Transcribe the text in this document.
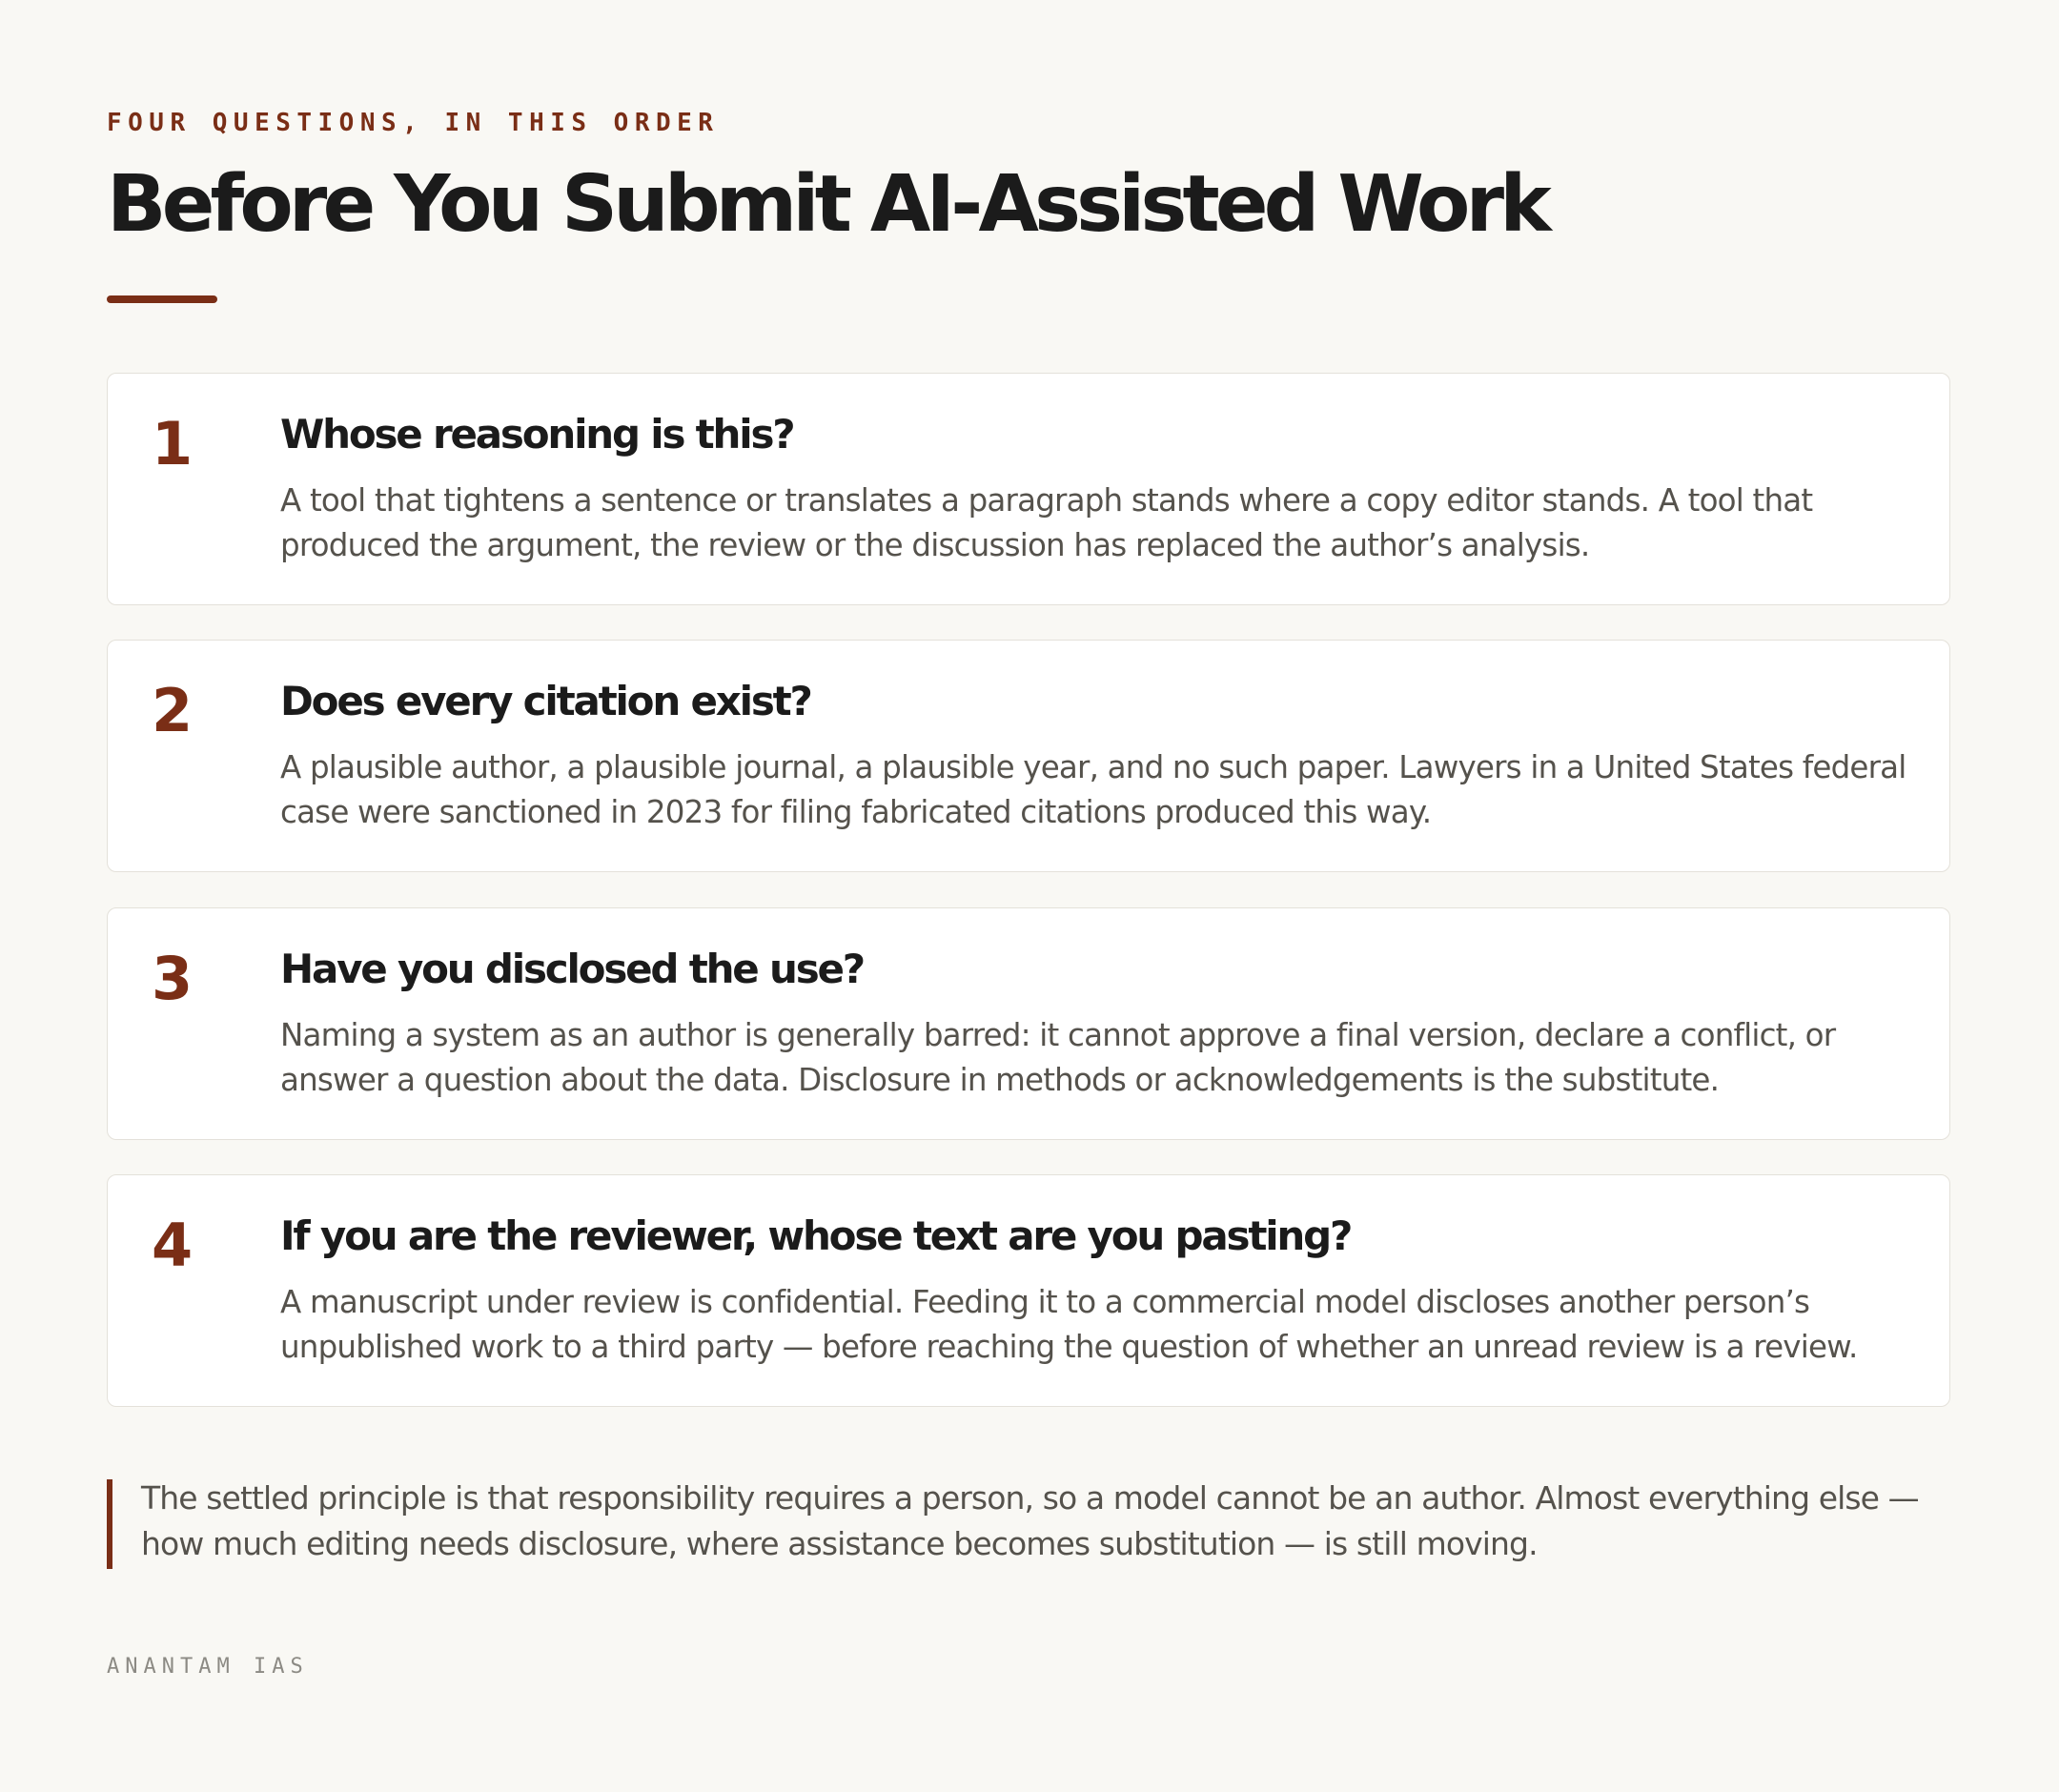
FOUR QUESTIONS, IN THIS ORDER
Before You Submit AI-Assisted Work
1 Whose reasoning is this?

A tool that tightens a sentence or translates a paragraph stands where a copy editor stands. A tool that produced the argument, the review or the discussion has replaced the author’s analysis.

2 Does every citation exist?

A plausible author, a plausible journal, a plausible year, and no such paper. Lawyers in a United States federal case were sanctioned in 2023 for filing fabricated citations produced this way.

3 Have you disclosed the use?

Naming a system as an author is generally barred: it cannot approve a final version, declare a conflict, or answer a question about the data. Disclosure in methods or acknowledgements is the substitute.

4 If you are the reviewer, whose text are you pasting?

A manuscript under review is confidential. Feeding it to a commercial model discloses another person’s unpublished work to a third party — before reaching the question of whether an unread review is a review.

The settled principle is that responsibility requires a person, so a model cannot be an author. Almost everything else — how much editing needs disclosure, where assistance becomes substitution — is still moving.

ANANTAM IAS
